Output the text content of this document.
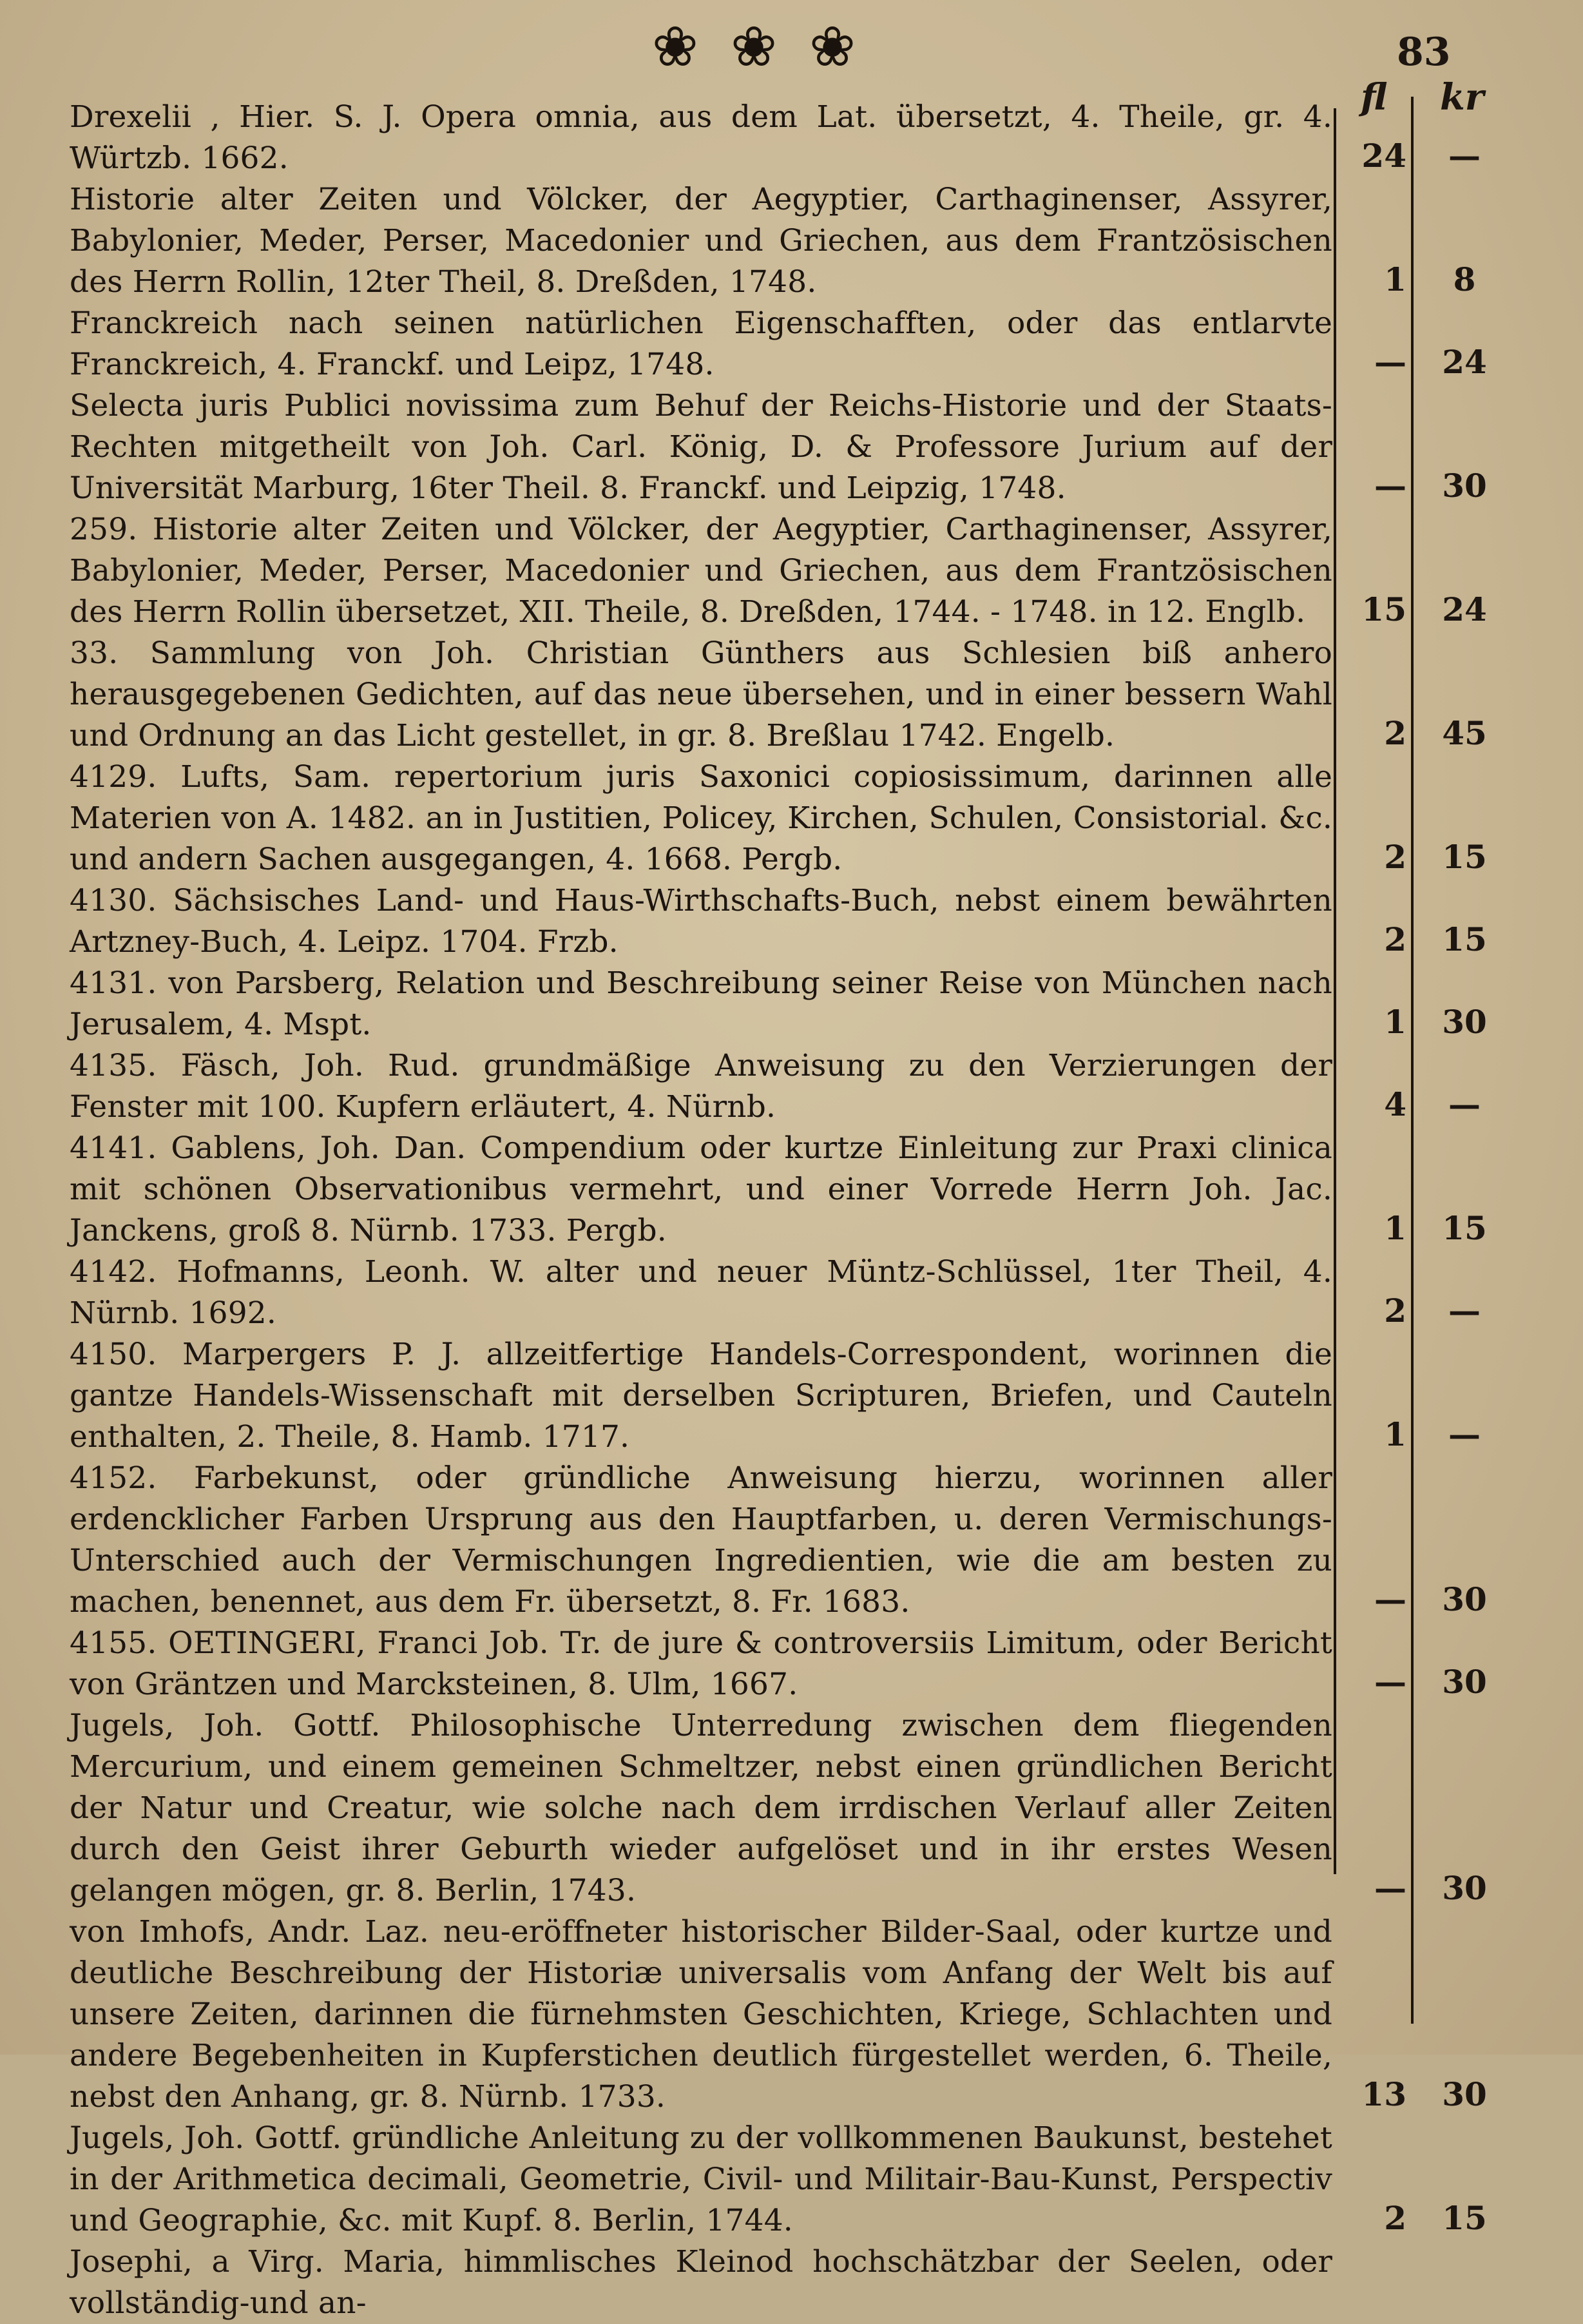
❀ ❀ ❀	83
fl kr

Drexelii , Hier. S. J. Opera omnia, aus dem Lat. übersetzt, 4. Theile, gr. 4. Würtzb. 1662.	24	—

Historie alter Zeiten und Völcker, der Aegyptier, Carthaginenser, Assyrer, Babylonier, Meder, Perser, Macedonier und Griechen, aus dem Frantzösischen des Herrn Rollin, 12ter Theil, 8. Dreßden, 1748.	1	8

Franckreich nach seinen natürlichen Eigenschafften, oder das entlarvte Franckreich, 4. Franckf. und Leipz, 1748.	—	24

Selecta juris Publici novissima zum Behuf der Reichs-Historie und der Staats-Rechten mitgetheilt von Joh. Carl. König, D. & Professore Jurium auf der Universität Marburg, 16ter Theil. 8. Franckf. und Leipzig, 1748.	—	30

259. Historie alter Zeiten und Völcker, der Aegyptier, Carthaginenser, Assyrer, Babylonier, Meder, Perser, Macedonier und Griechen, aus dem Frantzösischen des Herrn Rollin übersetzet, XII. Theile, 8. Dreßden, 1744. - 1748. in 12. Englb.	15	24

33. Sammlung von Joh. Christian Günthers aus Schlesien biß anhero herausgegebenen Gedichten, auf das neue übersehen, und in einer bessern Wahl und Ordnung an das Licht gestellet, in gr. 8. Breßlau 1742. Engelb.	2	45

4129. Lufts, Sam. repertorium juris Saxonici copiosissimum, darinnen alle Materien von A. 1482. an in Justitien, Policey, Kirchen, Schulen, Consistorial. &c. und andern Sachen ausgegangen, 4. 1668. Pergb.	2	15

4130. Sächsisches Land- und Haus-Wirthschafts-Buch, nebst einem bewährten Artzney-Buch, 4. Leipz. 1704. Frzb.	2	15

4131. von Parsberg, Relation und Beschreibung seiner Reise von München nach Jerusalem, 4. Mspt.	1	30

4135. Fäsch, Joh. Rud. grundmäßige Anweisung zu den Verzierungen der Fenster mit 100. Kupfern erläutert, 4. Nürnb.	4	—

4141. Gablens, Joh. Dan. Compendium oder kurtze Einleitung zur Praxi clinica mit schönen Observationibus vermehrt, und einer Vorrede Herrn Joh. Jac. Janckens, groß 8. Nürnb. 1733. Pergb.	1	15

4142. Hofmanns, Leonh. W. alter und neuer Müntz-Schlüssel, 1ter Theil, 4. Nürnb. 1692.	2	—

4150. Marpergers P. J. allzeitfertige Handels-Correspondent, worinnen die gantze Handels-Wissenschaft mit derselben Scripturen, Briefen, und Cauteln enthalten, 2. Theile, 8. Hamb. 1717.	1	—

4152. Farbekunst, oder gründliche Anweisung hierzu, worinnen aller erdencklicher Farben Ursprung aus den Hauptfarben, u. deren Vermischungs-Unterschied auch der Vermischungen Ingredientien, wie die am besten zu machen, benennet, aus dem Fr. übersetzt, 8. Fr. 1683.	—	30

4155. OETINGERI, Franci Job. Tr. de jure & controversiis Limitum, oder Bericht von Gräntzen und Marcksteinen, 8. Ulm, 1667.	—	30

Jugels, Joh. Gottf. Philosophische Unterredung zwischen dem fliegenden Mercurium, und einem gemeinen Schmeltzer, nebst einen gründlichen Bericht der Natur und Creatur, wie solche nach dem irrdischen Verlauf aller Zeiten durch den Geist ihrer Geburth wieder aufgelöset und in ihr erstes Wesen gelangen mögen, gr. 8. Berlin, 1743.	—	30

von Imhofs, Andr. Laz. neu-eröffneter historischer Bilder-Saal, oder kurtze und deutliche Beschreibung der Historiæ universalis vom Anfang der Welt bis auf unsere Zeiten, darinnen die fürnehmsten Geschichten, Kriege, Schlachten und andere Begebenheiten in Kupferstichen deutlich fürgestellet werden, 6. Theile, nebst den Anhang, gr. 8. Nürnb. 1733.	13	30

Jugels, Joh. Gottf. gründliche Anleitung zu der vollkommenen Baukunst, bestehet in der Arithmetica decimali, Geometrie, Civil- und Militair-Bau-Kunst, Perspectiv und Geographie, &c. mit Kupf. 8. Berlin, 1744.	2	15

Josephi, a Virg. Maria, himmlisches Kleinod hochschätzbar der Seelen, oder vollständig-und an-
